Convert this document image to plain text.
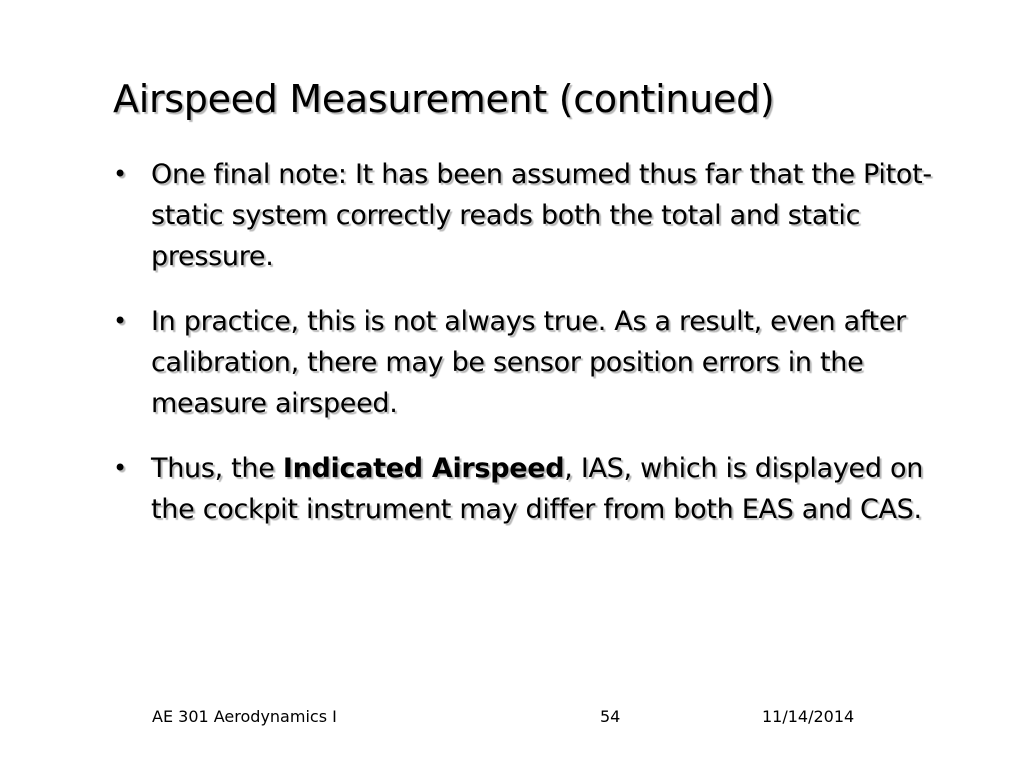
Airspeed Measurement (continued)
• One final note: It has been assumed thus far that the Pitot-static system correctly reads both the total and static pressure.
• In practice, this is not always true. As a result, even after calibration, there may be sensor position errors in the measure airspeed.
• Thus, the Indicated Airspeed, IAS, which is displayed on the cockpit instrument may differ from both EAS and CAS.
AE 301 Aerodynamics I	54	11/14/2014
